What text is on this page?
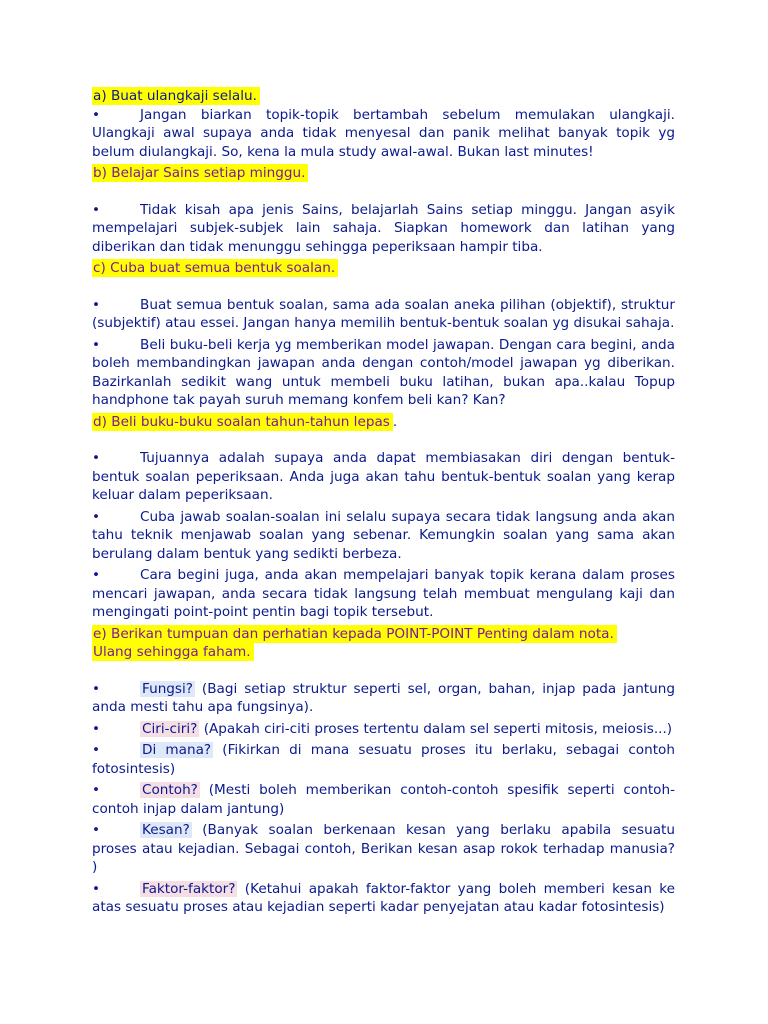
a) Buat ulangkaji selalu.

•	Jangan biarkan topik-topik bertambah sebelum memulakan ulangkaji. Ulangkaji awal supaya anda tidak menyesal dan panik melihat banyak topik yg belum diulangkaji. So, kena la mula study awal-awal. Bukan last minutes!

b) Belajar Sains setiap minggu.

•	Tidak kisah apa jenis Sains, belajarlah Sains setiap minggu. Jangan asyik mempelajari subjek-subjek lain sahaja. Siapkan homework dan latihan yang diberikan dan tidak menunggu sehingga peperiksaan hampir tiba.

c) Cuba buat semua bentuk soalan.

•	Buat semua bentuk soalan, sama ada soalan aneka pilihan (objektif), struktur (subjektif) atau essei. Jangan hanya memilih bentuk-bentuk soalan yg disukai sahaja.

•	Beli buku-beli kerja yg memberikan model jawapan. Dengan cara begini, anda boleh membandingkan jawapan anda dengan contoh/model jawapan yg diberikan. Bazirkanlah sedikit wang untuk membeli buku latihan, bukan apa..kalau Topup handphone tak payah suruh memang konfem beli kan? Kan?

d) Beli buku-buku soalan tahun-tahun lepas .

•	Tujuannya adalah supaya anda dapat membiasakan diri dengan bentuk-bentuk soalan peperiksaan. Anda juga akan tahu bentuk-bentuk soalan yang kerap keluar dalam peperiksaan.

•	Cuba jawab soalan-soalan ini selalu supaya secara tidak langsung anda akan tahu teknik menjawab soalan yang sebenar. Kemungkin soalan yang sama akan berulang dalam bentuk yang sedikti berbeza.

•	Cara begini juga, anda akan mempelajari banyak topik kerana dalam proses mencari jawapan, anda secara tidak langsung telah membuat mengulang kaji dan mengingati point-point pentin bagi topik tersebut.

e) Berikan tumpuan dan perhatian kepada POINT-POINT Penting dalam nota.
Ulang sehingga faham.

•	Fungsi? (Bagi setiap struktur seperti sel, organ, bahan, injap pada jantung anda mesti tahu apa fungsinya).

•	Ciri-ciri? (Apakah ciri-citi proses tertentu dalam sel seperti mitosis, meiosis...)

•	Di mana? (Fikirkan di mana sesuatu proses itu berlaku, sebagai contoh fotosintesis)

•	Contoh? (Mesti boleh memberikan contoh-contoh spesifik seperti contoh-contoh injap dalam jantung)

•	Kesan? (Banyak soalan berkenaan kesan yang berlaku apabila sesuatu proses atau kejadian. Sebagai contoh, Berikan kesan asap rokok terhadap manusia? )

•	Faktor-faktor? (Ketahui apakah faktor-faktor yang boleh memberi kesan ke atas sesuatu proses atau kejadian seperti kadar penyejatan atau kadar fotosintesis)
